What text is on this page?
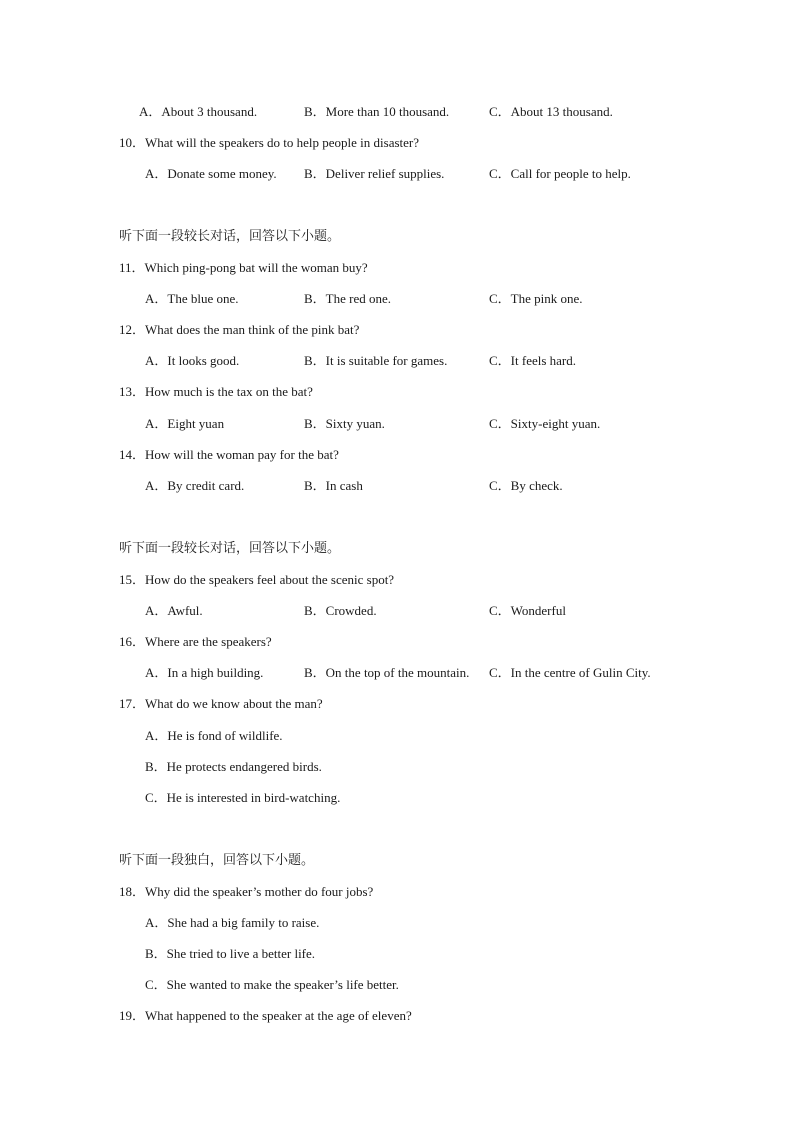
A．About 3 thousand.	B．More than 10 thousand.	C．About 13 thousand.
10．What will the speakers do to help people in disaster?
A．Donate some money. B．Deliver relief supplies.	C．Call for people to help.
听下面一段较长对话，回答以下小题。
11．Which ping-pong bat will the woman buy?
A．The blue one.	B．The red one.	C．The pink one.
12．What does the man think of the pink bat?
A．It looks good.	B．It is suitable for games.	C．It feels hard.
13．How much is the tax on the bat?
A．Eight yuan	B．Sixty yuan.	C．Sixty-eight yuan.
14．How will the woman pay for the bat?
A．By credit card.	B．In cash	C．By check.
听下面一段较长对话，回答以下小题。
15．How do the speakers feel about the scenic spot?
A．Awful.	B．Crowded.	C．Wonderful
16．Where are the speakers?
A．In a high building.	B．On the top of the mountain. C．In the centre of Gulin City.
17．What do we know about the man?
A．He is fond of wildlife.
B．He protects endangered birds.
C．He is interested in bird-watching.
听下面一段独白，回答以下小题。
18．Why did the speaker’s mother do four jobs?
A．She had a big family to raise.
B．She tried to live a better life.
C．She wanted to make the speaker’s life better.
19．What happened to the speaker at the age of eleven?
